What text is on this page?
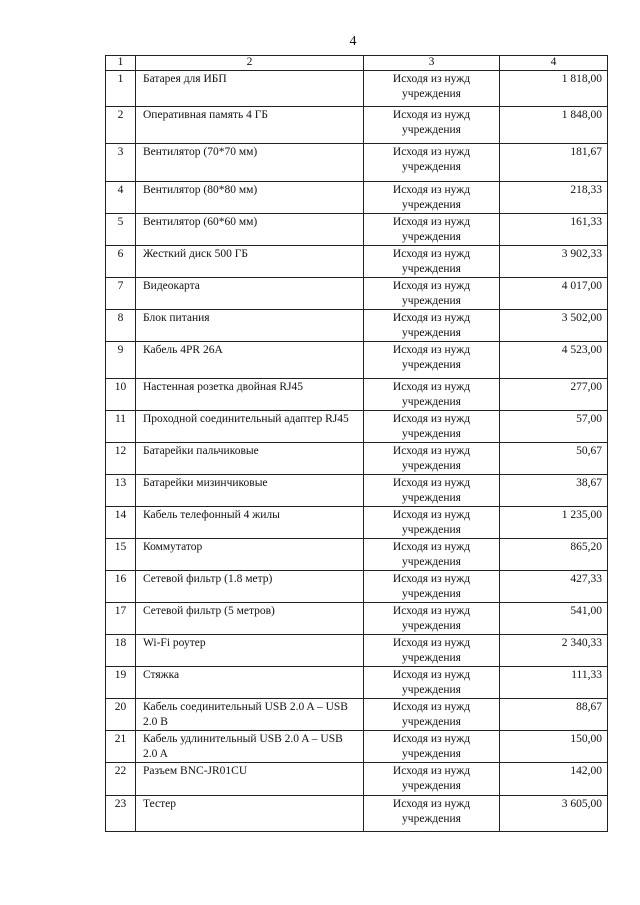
4
1	2	3	4
1	Батарея для ИБП	Исходя из нужд учреждения	1 818,00
2	Оперативная память 4 ГБ	Исходя из нужд учреждения	1 848,00
3	Вентилятор (70*70 мм)	Исходя из нужд учреждения	181,67
4	Вентилятор (80*80 мм)	Исходя из нужд учреждения	218,33
5	Вентилятор (60*60 мм)	Исходя из нужд учреждения	161,33
6	Жесткий диск 500 ГБ	Исходя из нужд учреждения	3 902,33
7	Видеокарта	Исходя из нужд учреждения	4 017,00
8	Блок питания	Исходя из нужд учреждения	3 502,00
9	Кабель 4PR 26A	Исходя из нужд учреждения	4 523,00
10	Настенная розетка двойная RJ45	Исходя из нужд учреждения	277,00
11	Проходной соединительный адаптер RJ45	Исходя из нужд учреждения	57,00
12	Батарейки пальчиковые	Исходя из нужд учреждения	50,67
13	Батарейки мизинчиковые	Исходя из нужд учреждения	38,67
14	Кабель телефонный 4 жилы	Исходя из нужд учреждения	1 235,00
15	Коммутатор	Исходя из нужд учреждения	865,20
16	Сетевой фильтр (1.8 метр)	Исходя из нужд учреждения	427,33
17	Сетевой фильтр (5 метров)	Исходя из нужд учреждения	541,00
18	Wi-Fi роутер	Исходя из нужд учреждения	2 340,33
19	Стяжка	Исходя из нужд учреждения	111,33
20	Кабель соединительный USB 2.0 A – USB 2.0 B	Исходя из нужд учреждения	88,67
21	Кабель удлинительный USB 2.0 A – USB 2.0 A	Исходя из нужд учреждения	150,00
22	Разъем BNC-JR01CU	Исходя из нужд учреждения	142,00
23	Тестер	Исходя из нужд учреждения	3 605,00
